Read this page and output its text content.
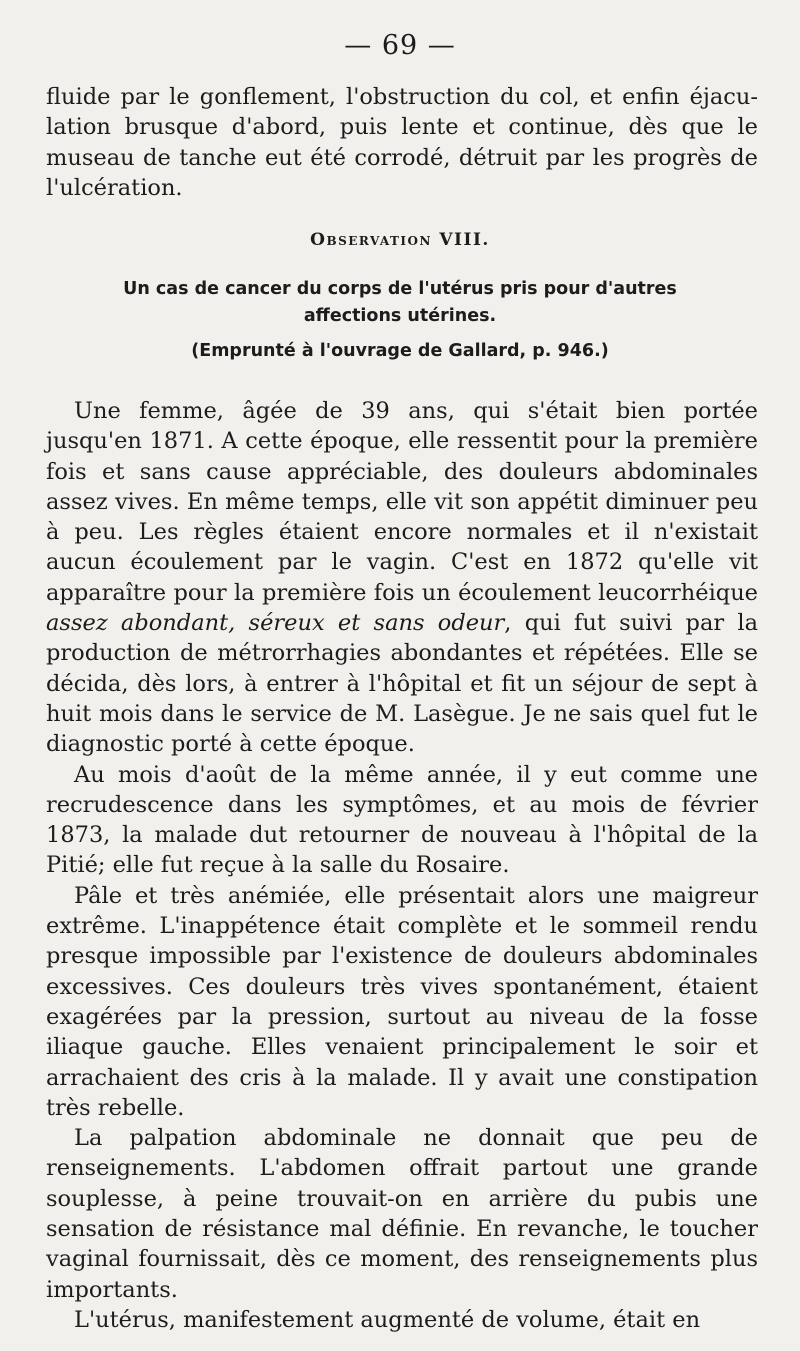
— 69 —

fluide par le gonflement, l'obstruction du col, et enfin éjacu-

lation brusque d'abord, puis lente et continue, dès que le

museau de tanche eut été corrodé, détruit par les progrès de

l'ulcération.

Observation VIII.
Un cas de cancer du corps de l'utérus pris pour d'autres
affections utérines.
(Emprunté à l'ouvrage de Gallard, p. 946.)

Une femme, âgée de 39 ans, qui s'était bien portée jusqu'en 1871. A cette époque, elle ressentit pour la première fois et sans cause appréciable, des douleurs abdominales assez vives. En même temps, elle vit son appétit diminuer peu à peu. Les règles étaient encore normales et il n'existait aucun écoulement par le vagin. C'est en 1872 qu'elle vit apparaître pour la première fois un écoulement leucorrhéique assez abondant, séreux et sans odeur, qui fut suivi par la production de métrorrhagies abondantes et répétées. Elle se décida, dès lors, à entrer à l'hôpital et fit un séjour de sept à huit mois dans le service de M. Lasègue. Je ne sais quel fut le diagnostic porté à cette époque.

Au mois d'août de la même année, il y eut comme une recrudescence dans les symptômes, et au mois de février 1873, la malade dut retourner de nouveau à l'hôpital de la Pitié; elle fut reçue à la salle du Rosaire.

Pâle et très anémiée, elle présentait alors une maigreur extrême. L'inappétence était complète et le sommeil rendu presque impossible par l'existence de douleurs abdominales excessives. Ces douleurs très vives spontanément, étaient exagérées par la pression, surtout au niveau de la fosse iliaque gauche. Elles venaient principalement le soir et arrachaient des cris à la malade. Il y avait une constipation très rebelle.

La palpation abdominale ne donnait que peu de renseignements. L'abdomen offrait partout une grande souplesse, à peine trouvait-on en arrière du pubis une sensation de résistance mal définie. En revanche, le toucher vaginal fournissait, dès ce moment, des renseignements plus importants.

L'utérus, manifestement augmenté de volume, était en
